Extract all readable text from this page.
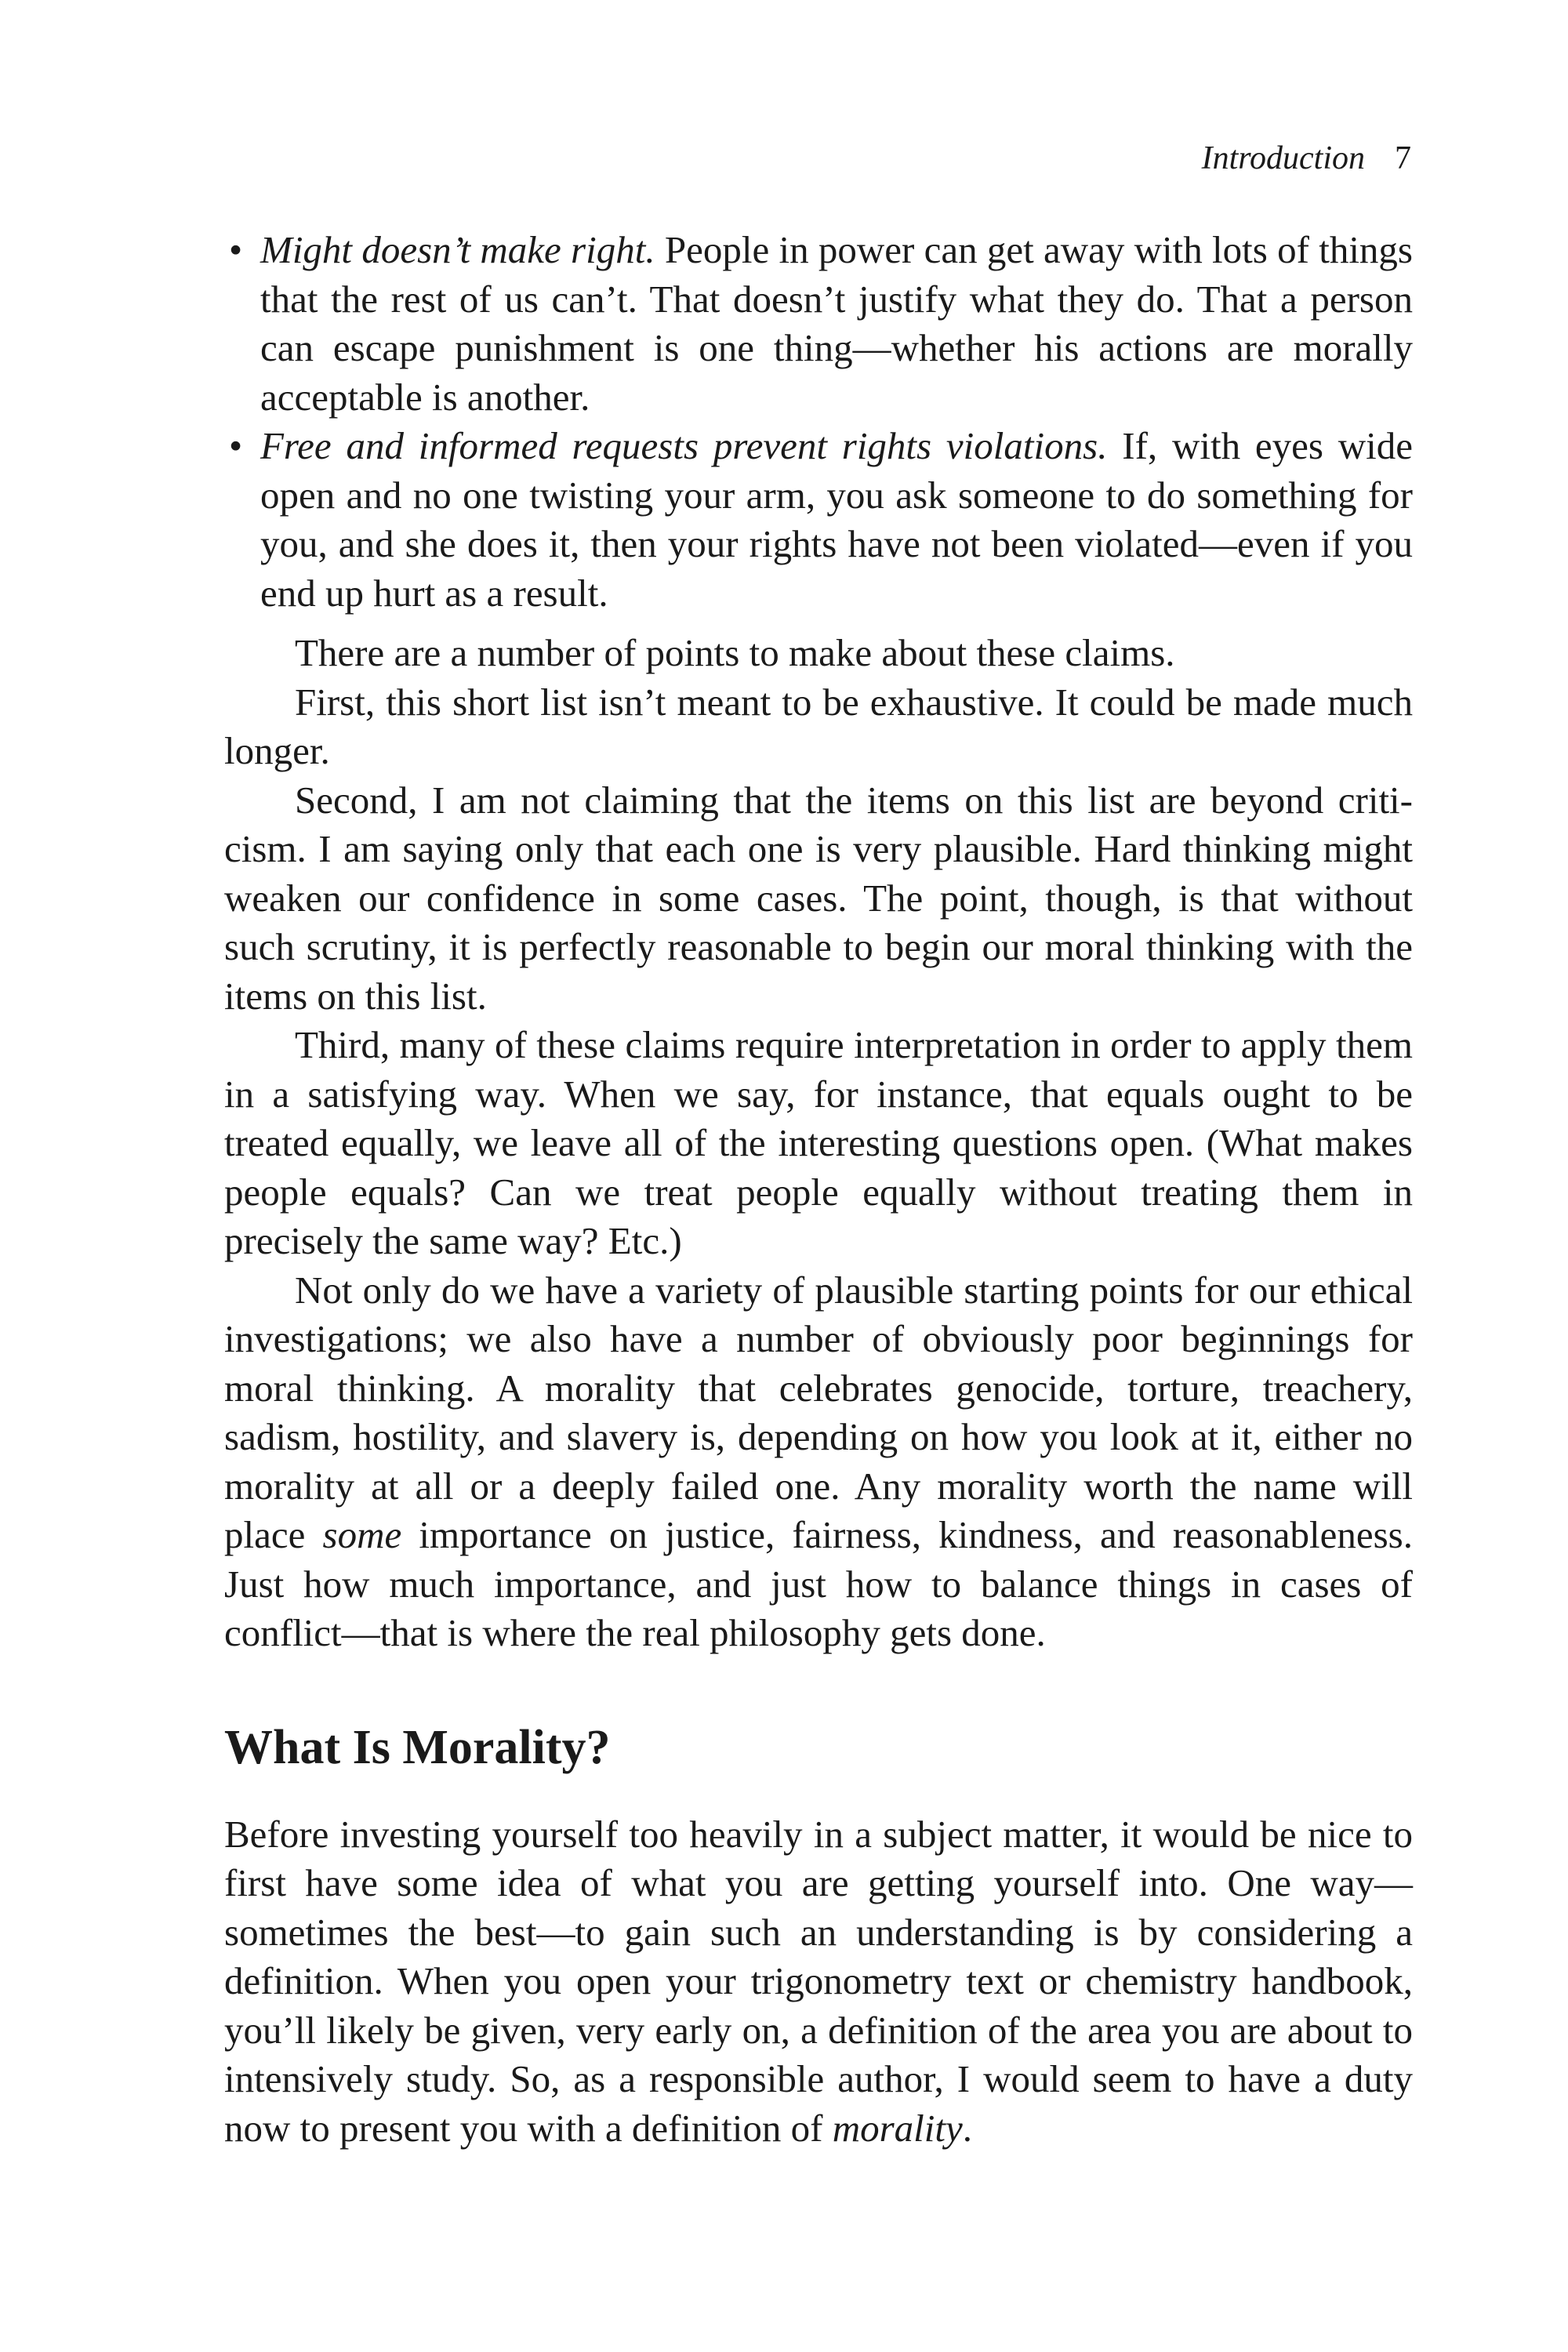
Introduction 7
• Might doesn’t make right. People in power can get away with lots of things that the rest of us can’t. That doesn’t justify what they do. That a person can escape punishment is one thing—whether his actions are morally acceptable is another.
• Free and informed requests prevent rights violations. If, with eyes wide open and no one twisting your arm, you ask someone to do something for you, and she does it, then your rights have not been violated—even if you end up hurt as a result.

There are a number of points to make about these claims.

First, this short list isn’t meant to be exhaustive. It could be made much longer.

Second, I am not claiming that the items on this list are beyond criticism. I am saying only that each one is very plausible. Hard thinking might weaken our confidence in some cases. The point, though, is that without such scrutiny, it is perfectly reasonable to begin our moral thinking with the items on this list.

Third, many of these claims require interpretation in order to apply them in a satisfying way. When we say, for instance, that equals ought to be treated equally, we leave all of the interesting questions open. (What makes people equals? Can we treat people equally without treating them in precisely the same way? Etc.)

Not only do we have a variety of plausible starting points for our ethical investigations; we also have a number of obviously poor beginnings for moral thinking. A morality that celebrates genocide, torture, treachery, sadism, hostility, and slavery is, depending on how you look at it, either no morality at all or a deeply failed one. Any morality worth the name will place some importance on justice, fairness, kindness, and reasonableness. Just how much importance, and just how to balance things in cases of conflict—that is where the real philosophy gets done.

What Is Morality?

Before investing yourself too heavily in a subject matter, it would be nice to first have some idea of what you are getting yourself into. One way—sometimes the best—to gain such an understanding is by considering a definition. When you open your trigonometry text or chemistry handbook, you’ll likely be given, very early on, a definition of the area you are about to intensively study. So, as a responsible author, I would seem to have a duty now to present you with a definition of morality.
